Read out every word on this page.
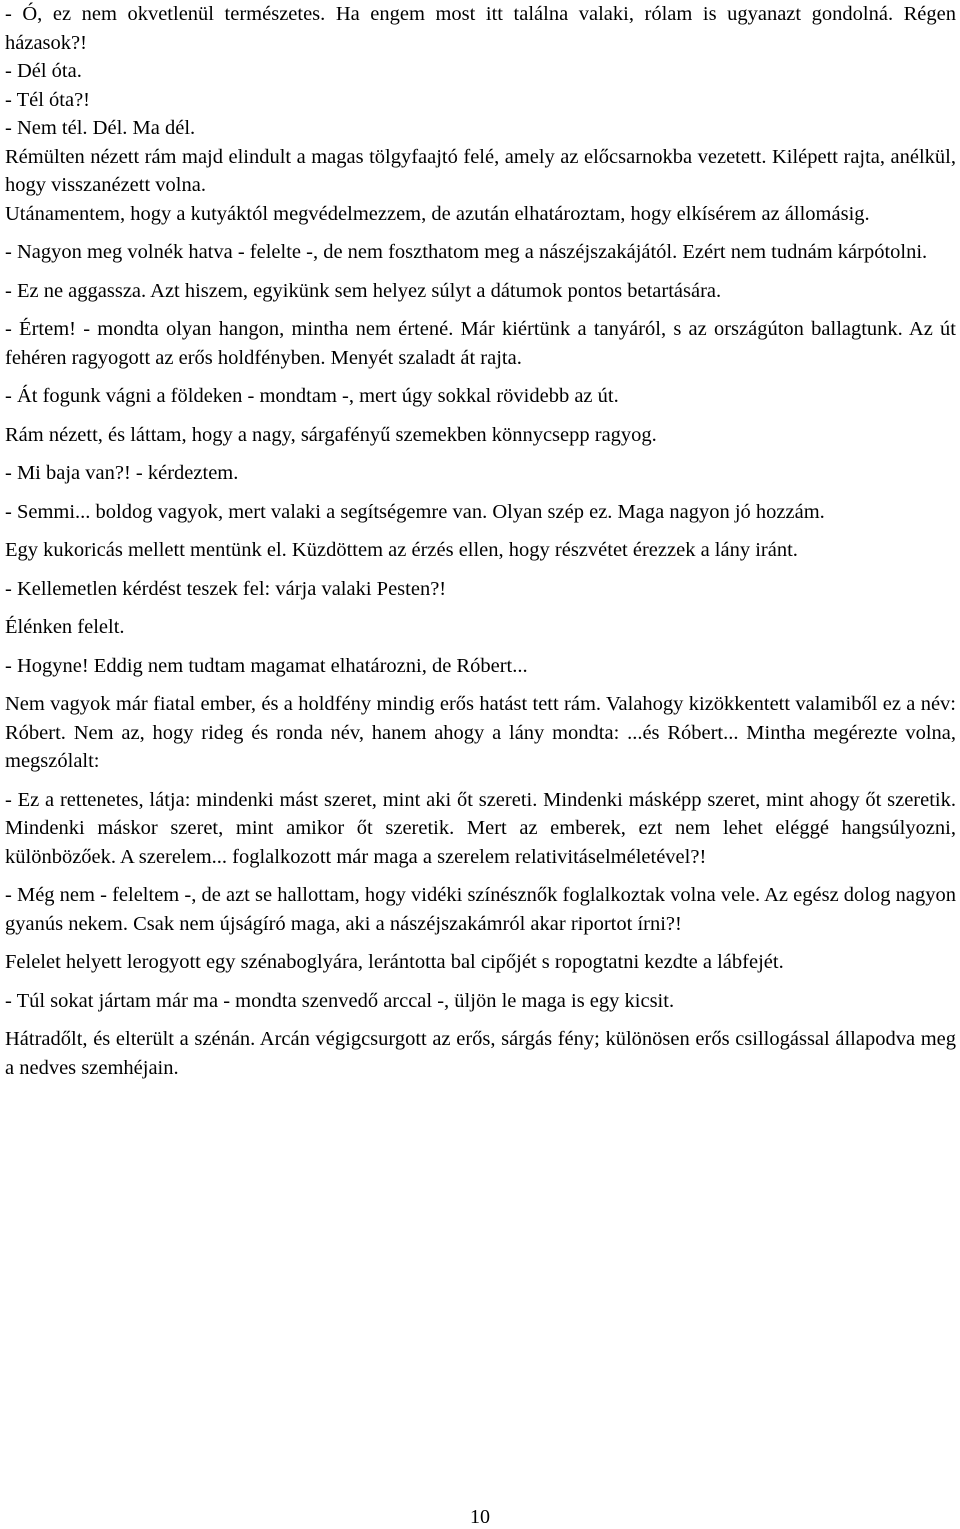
- Ó, ez nem okvetlenül természetes. Ha engem most itt találna valaki, rólam is ugyanazt gondolná. Régen házasok?!

- Dél óta.

- Tél óta?!

- Nem tél. Dél. Ma dél.

Rémülten nézett rám majd elindult a magas tölgyfaajtó felé, amely az előcsarnokba vezetett. Kilépett rajta, anélkül, hogy visszanézett volna.

Utánamentem, hogy a kutyáktól megvédelmezzem, de azután elhatároztam, hogy elkísérem az állomásig.

- Nagyon meg volnék hatva - felelte -, de nem foszthatom meg a nászéjszakájától. Ezért nem tudnám kárpótolni.

- Ez ne aggassza. Azt hiszem, egyikünk sem helyez súlyt a dátumok pontos betartására.

- Értem! - mondta olyan hangon, mintha nem értené. Már kiértünk a tanyáról, s az országúton ballagtunk. Az út fehéren ragyogott az erős holdfényben. Menyét szaladt át rajta.

- Át fogunk vágni a földeken - mondtam -, mert úgy sokkal rövidebb az út.

Rám nézett, és láttam, hogy a nagy, sárgafényű szemekben könnycsepp ragyog.

- Mi baja van?! - kérdeztem.

- Semmi... boldog vagyok, mert valaki a segítségemre van. Olyan szép ez. Maga nagyon jó hozzám.

Egy kukoricás mellett mentünk el. Küzdöttem az érzés ellen, hogy részvétet érezzek a lány iránt.

- Kellemetlen kérdést teszek fel: várja valaki Pesten?!

Élénken felelt.

- Hogyne! Eddig nem tudtam magamat elhatározni, de Róbert...

Nem vagyok már fiatal ember, és a holdfény mindig erős hatást tett rám. Valahogy kizökkentett valamiből ez a név: Róbert. Nem az, hogy rideg és ronda név, hanem ahogy a lány mondta: ...és Róbert... Mintha megérezte volna, megszólalt:

- Ez a rettenetes, látja: mindenki mást szeret, mint aki őt szereti. Mindenki másképp szeret, mint ahogy őt szeretik. Mindenki máskor szeret, mint amikor őt szeretik. Mert az emberek, ezt nem lehet eléggé hangsúlyozni, különbözőek. A szerelem... foglalkozott már maga a szerelem relativitáselméletével?!

- Még nem - feleltem -, de azt se hallottam, hogy vidéki színésznők foglalkoztak volna vele. Az egész dolog nagyon gyanús nekem. Csak nem újságíró maga, aki a nászéjszakámról akar riportot írni?!

Felelet helyett lerogyott egy szénaboglyára, lerántotta bal cipőjét s ropogtatni kezdte a lábfejét.

- Túl sokat jártam már ma - mondta szenvedő arccal -, üljön le maga is egy kicsit.

Hátradőlt, és elterült a szénán. Arcán végigcsurgott az erős, sárgás fény; különösen erős csillogással állapodva meg a nedves szemhéjain.

10
